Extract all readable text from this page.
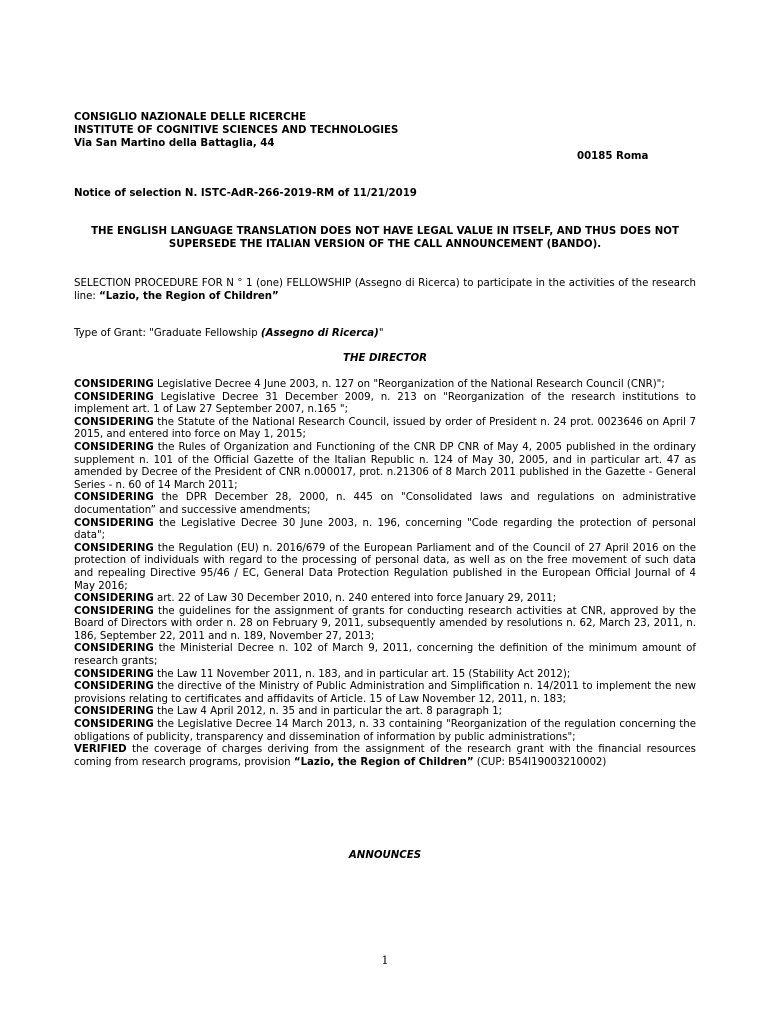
CONSIGLIO NAZIONALE DELLE RICERCHE
INSTITUTE OF COGNITIVE SCIENCES AND TECHNOLOGIES
Via San Martino della Battaglia, 44
00185 Roma
Notice of selection N. ISTC-AdR-266-2019-RM of 11/21/2019
THE ENGLISH LANGUAGE TRANSLATION DOES NOT HAVE LEGAL VALUE IN ITSELF, AND THUS DOES NOT SUPERSEDE THE ITALIAN VERSION OF THE CALL ANNOUNCEMENT (BANDO).
SELECTION PROCEDURE FOR N ° 1 (one) FELLOWSHIP (Assegno di Ricerca) to participate in the activities of the research line: “Lazio, the Region of Children”
Type of Grant: "Graduate Fellowship (Assegno di Ricerca)"
THE DIRECTOR

CONSIDERING Legislative Decree 4 June 2003, n. 127 on "Reorganization of the National Research Council (CNR)";

CONSIDERING Legislative Decree 31 December 2009, n. 213 on "Reorganization of the research institutions to implement art. 1 of Law 27 September 2007, n.165 ";

CONSIDERING the Statute of the National Research Council, issued by order of President n. 24 prot. 0023646 on April 7 2015, and entered into force on May 1, 2015;

CONSIDERING the Rules of Organization and Functioning of the CNR DP CNR of May 4, 2005 published in the ordinary supplement n. 101 of the Official Gazette of the Italian Republic n. 124 of May 30, 2005, and in particular art. 47 as amended by Decree of the President of CNR n.000017, prot. n.21306 of 8 March 2011 published in the Gazette - General Series - n. 60 of 14 March 2011;

CONSIDERING the DPR December 28, 2000, n. 445 on "Consolidated laws and regulations on administrative documentation” and successive amendments;

CONSIDERING the Legislative Decree 30 June 2003, n. 196, concerning "Code regarding the protection of personal data";

CONSIDERING the Regulation (EU) n. 2016/679 of the European Parliament and of the Council of 27 April 2016 on the protection of individuals with regard to the processing of personal data, as well as on the free movement of such data and repealing Directive 95/46 / EC, General Data Protection Regulation published in the European Official Journal of 4 May 2016;

CONSIDERING art. 22 of Law 30 December 2010, n. 240 entered into force January 29, 2011;

CONSIDERING the guidelines for the assignment of grants for conducting research activities at CNR, approved by the Board of Directors with order n. 28 on February 9, 2011, subsequently amended by resolutions n. 62, March 23, 2011, n. 186, September 22, 2011 and n. 189, November 27, 2013;

CONSIDERING the Ministerial Decree n. 102 of March 9, 2011, concerning the definition of the minimum amount of research grants;

CONSIDERING the Law 11 November 2011, n. 183, and in particular art. 15 (Stability Act 2012);

CONSIDERING the directive of the Ministry of Public Administration and Simplification n. 14/2011 to implement the new provisions relating to certificates and affidavits of Article. 15 of Law November 12, 2011, n. 183;

CONSIDERING the Law 4 April 2012, n. 35 and in particular the art. 8 paragraph 1;

CONSIDERING the Legislative Decree 14 March 2013, n. 33 containing "Reorganization of the regulation concerning the obligations of publicity, transparency and dissemination of information by public administrations";

VERIFIED the coverage of charges deriving from the assignment of the research grant with the financial resources coming from research programs, provision “Lazio, the Region of Children” (CUP: B54I19003210002)

ANNOUNCES
1
